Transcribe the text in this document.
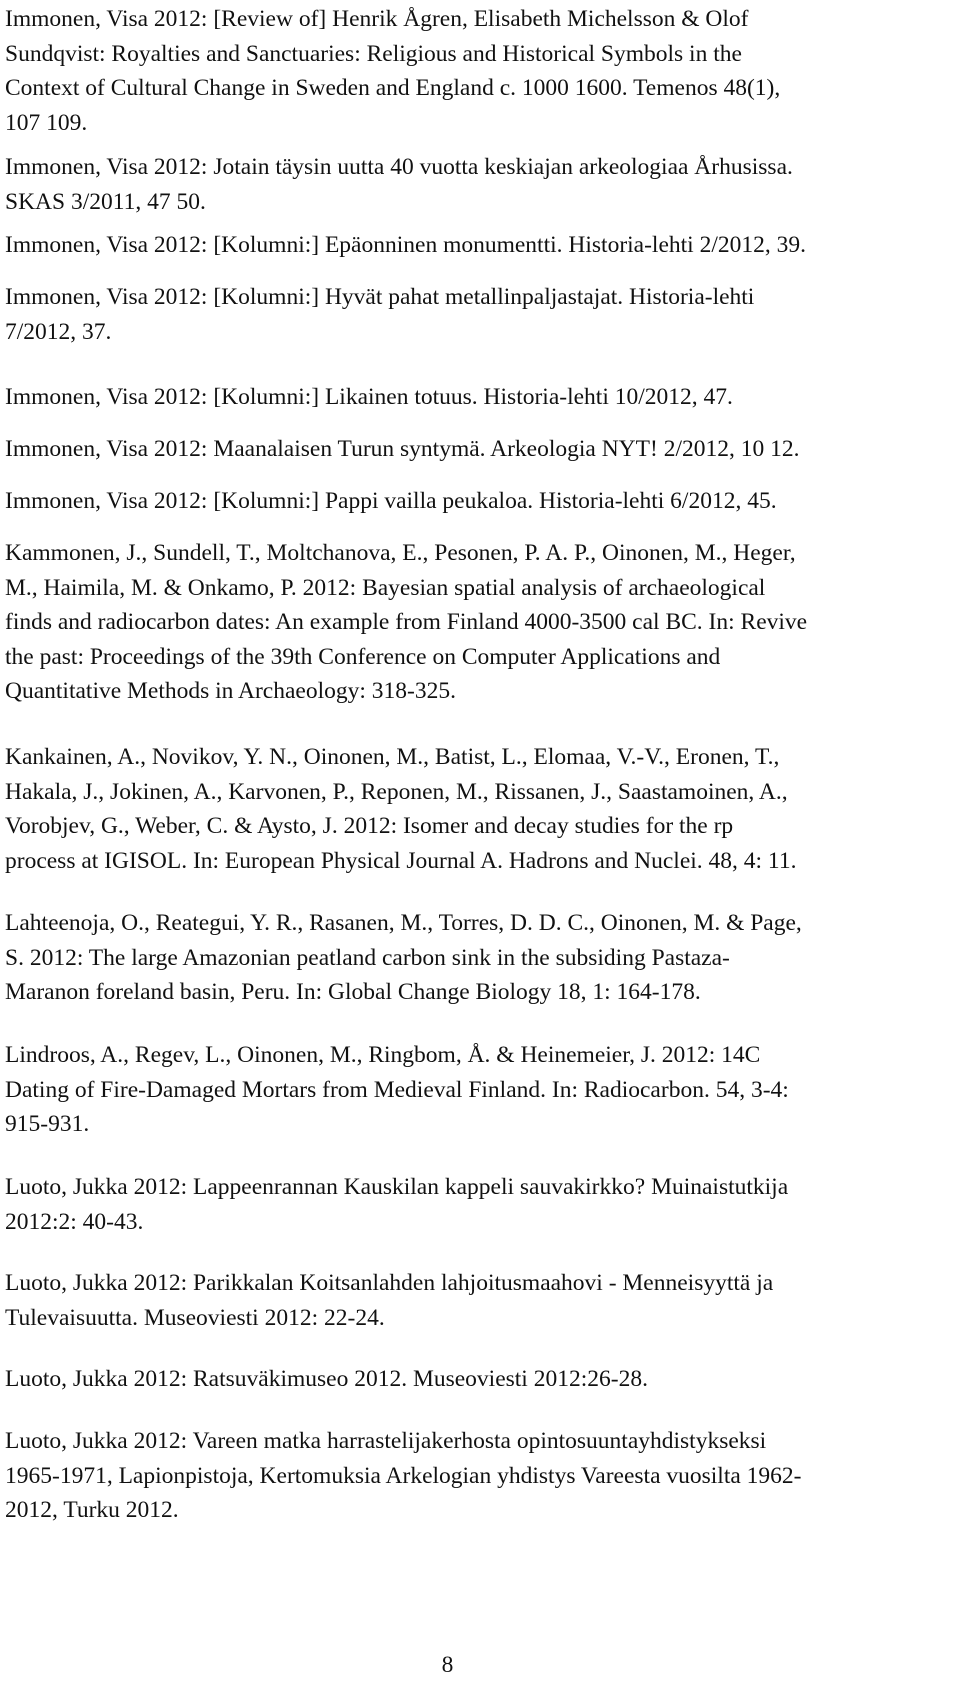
Immonen, Visa 2012: [Review of] Henrik Ågren, Elisabeth Michelsson & Olof
Sundqvist: Royalties and Sanctuaries: Religious and Historical Symbols in the
Context of Cultural Change in Sweden and England c. 1000 1600. Temenos 48(1),
107 109.
Immonen, Visa 2012: Jotain täysin uutta 40 vuotta keskiajan arkeologiaa Århusissa.
SKAS 3/2011, 47 50.
Immonen, Visa 2012: [Kolumni:] Epäonninen monumentti. Historia-lehti 2/2012, 39.
Immonen, Visa 2012: [Kolumni:] Hyvät pahat metallinpaljastajat. Historia-lehti
7/2012, 37.
Immonen, Visa 2012: [Kolumni:] Likainen totuus. Historia-lehti 10/2012, 47.
Immonen, Visa 2012: Maanalaisen Turun syntymä. Arkeologia NYT! 2/2012, 10 12.
Immonen, Visa 2012: [Kolumni:] Pappi vailla peukaloa. Historia-lehti 6/2012, 45.
Kammonen, J., Sundell, T., Moltchanova, E., Pesonen, P. A. P., Oinonen, M., Heger,
M., Haimila, M. & Onkamo, P. 2012: Bayesian spatial analysis of archaeological
finds and radiocarbon dates: An example from Finland 4000-3500 cal BC. In: Revive
the past: Proceedings of the 39th Conference on Computer Applications and
Quantitative Methods in Archaeology: 318-325.
Kankainen, A., Novikov, Y. N., Oinonen, M., Batist, L., Elomaa, V.-V., Eronen, T.,
Hakala, J., Jokinen, A., Karvonen, P., Reponen, M., Rissanen, J., Saastamoinen, A.,
Vorobjev, G., Weber, C. & Aysto, J. 2012: Isomer and decay studies for the rp
process at IGISOL. In: European Physical Journal A. Hadrons and Nuclei. 48, 4: 11.
Lahteenoja, O., Reategui, Y. R., Rasanen, M., Torres, D. D. C., Oinonen, M. & Page,
S. 2012: The large Amazonian peatland carbon sink in the subsiding Pastaza-
Maranon foreland basin, Peru. In: Global Change Biology 18, 1: 164-178.
Lindroos, A., Regev, L., Oinonen, M., Ringbom, Å. & Heinemeier, J. 2012: 14C
Dating of Fire-Damaged Mortars from Medieval Finland. In: Radiocarbon. 54, 3-4:
915-931.
Luoto, Jukka 2012: Lappeenrannan Kauskilan kappeli sauvakirkko? Muinaistutkija
2012:2: 40-43.
Luoto, Jukka 2012: Parikkalan Koitsanlahden lahjoitusmaahovi - Menneisyyttä ja
Tulevaisuutta. Museoviesti 2012: 22-24.
Luoto, Jukka 2012: Ratsuväkimuseo 2012. Museoviesti 2012:26-28.
Luoto, Jukka 2012: Vareen matka harrastelijakerhosta opintosuuntayhdistykseksi
1965-1971, Lapionpistoja, Kertomuksia Arkelogian yhdistys Vareesta vuosilta 1962-
2012, Turku 2012.
8
